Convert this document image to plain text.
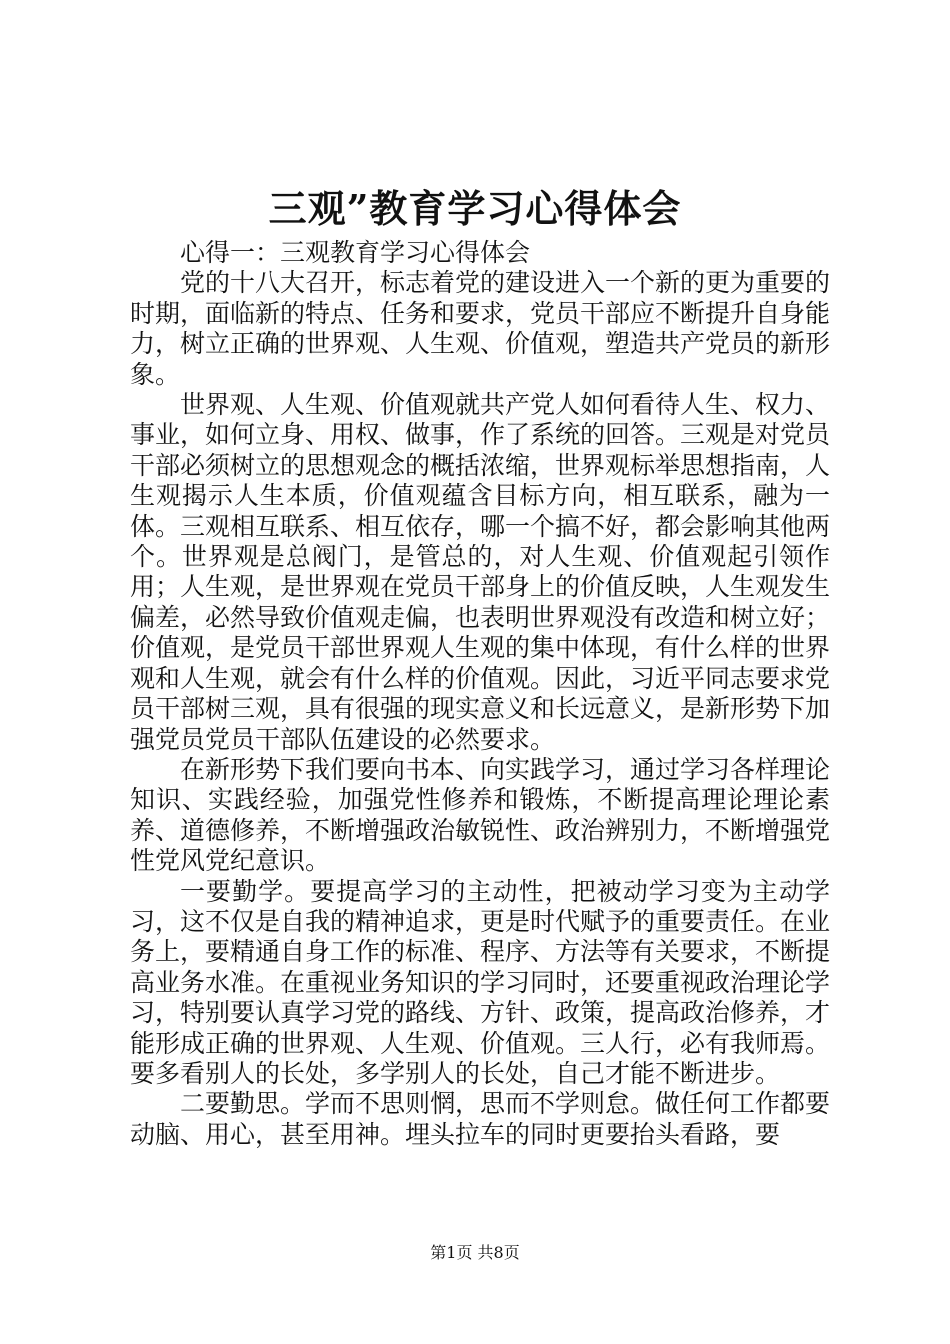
三观”教育学习心得体会

心得一：三观教育学习心得体会

党的十八大召开，标志着党的建设进入一个新的更为重要的时期，面临新的特点、任务和要求，党员干部应不断提升自身能力，树立正确的世界观、人生观、价值观，塑造共产党员的新形象。

世界观、人生观、价值观就共产党人如何看待人生、权力、事业，如何立身、用权、做事，作了系统的回答。三观是对党员干部必须树立的思想观念的概括浓缩，世界观标举思想指南，人生观揭示人生本质，价值观蕴含目标方向，相互联系，融为一体。三观相互联系、相互依存，哪一个搞不好，都会影响其他两个。世界观是总阀门，是管总的，对人生观、价值观起引领作用；人生观，是世界观在党员干部身上的价值反映，人生观发生偏差，必然导致价值观走偏，也表明世界观没有改造和树立好；价值观，是党员干部世界观人生观的集中体现，有什么样的世界观和人生观，就会有什么样的价值观。因此，习近平同志要求党员干部树三观，具有很强的现实意义和长远意义，是新形势下加强党员党员干部队伍建设的必然要求。

在新形势下我们要向书本、向实践学习，通过学习各样理论知识、实践经验，加强党性修养和锻炼，不断提高理论理论素养、道德修养，不断增强政治敏锐性、政治辨别力，不断增强党性党风党纪意识。

一要勤学。要提高学习的主动性，把被动学习变为主动学习，这不仅是自我的精神追求，更是时代赋予的重要责任。在业务上，要精通自身工作的标准、程序、方法等有关要求，不断提高业务水准。在重视业务知识的学习同时，还要重视政治理论学习，特别要认真学习党的路线、方针、政策，提高政治修养，才能形成正确的世界观、人生观、价值观。三人行，必有我师焉。要多看别人的长处，多学别人的长处，自己才能不断进步。

二要勤思。学而不思则惘，思而不学则怠。做任何工作都要动脑、用心，甚至用神。埋头拉车的同时更要抬头看路，要

第1页 共8页
